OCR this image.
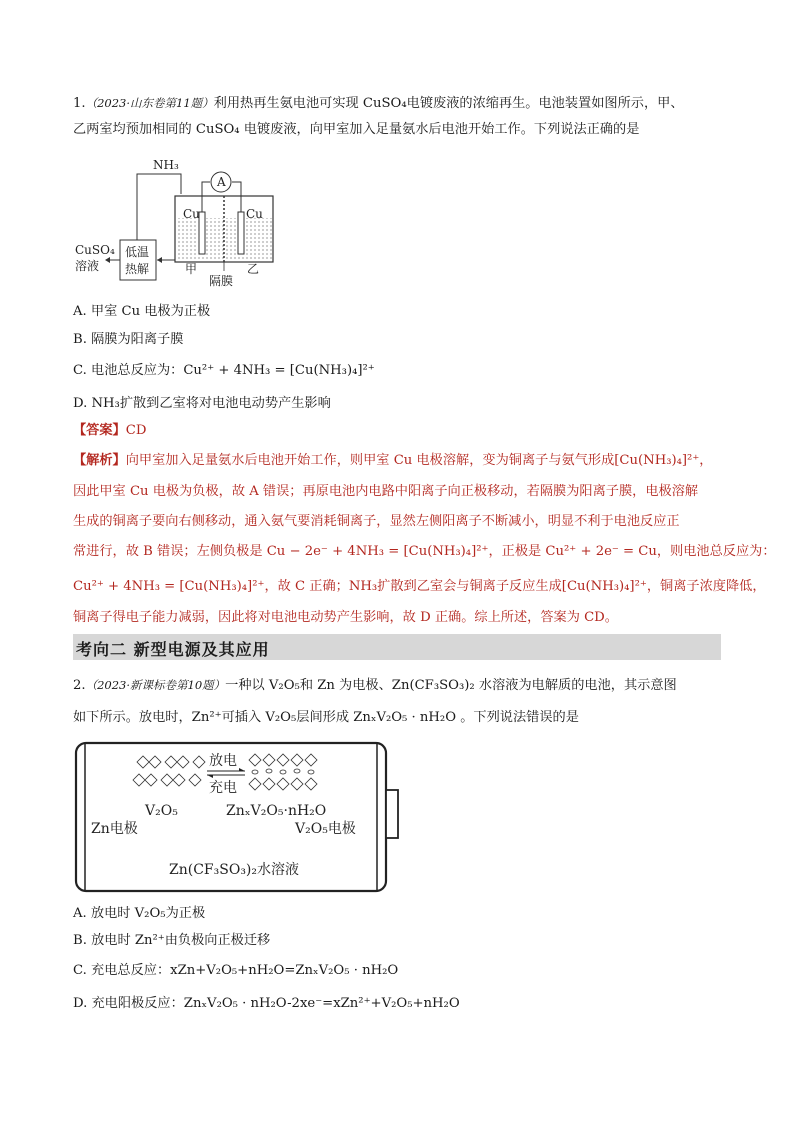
1.（2023·山东卷第11题）利用热再生氨电池可实现 CuSO₄电镀废液的浓缩再生。电池装置如图所示，甲、
乙两室均预加相同的 CuSO₄ 电镀废液，向甲室加入足量氨水后电池开始工作。下列说法正确的是
NH₃
低温
热解
CuSO₄
溶液
Cu	Cu
A
甲	乙
隔膜
A. 甲室 Cu 电极为正极
B. 隔膜为阳离子膜
C. 电池总反应为：Cu²⁺ + 4NH₃ = [Cu(NH₃)₄]²⁺
D. NH₃扩散到乙室将对电池电动势产生影响
【答案】CD
【解析】向甲室加入足量氨水后电池开始工作，则甲室 Cu 电极溶解，变为铜离子与氨气形成[Cu(NH₃)₄]²⁺，
因此甲室 Cu 电极为负极，故 A 错误；再原电池内电路中阳离子向正极移动，若隔膜为阳离子膜，电极溶解
生成的铜离子要向右侧移动，通入氨气要消耗铜离子，显然左侧阳离子不断减小，明显不利于电池反应正
常进行，故 B 错误；左侧负极是 Cu − 2e⁻ + 4NH₃ = [Cu(NH₃)₄]²⁺，正极是 Cu²⁺ + 2e⁻ = Cu，则电池总反应为：
Cu²⁺ + 4NH₃ = [Cu(NH₃)₄]²⁺，故 C 正确；NH₃扩散到乙室会与铜离子反应生成[Cu(NH₃)₄]²⁺，铜离子浓度降低，
铜离子得电子能力减弱，因此将对电池电动势产生影响，故 D 正确。综上所述，答案为 CD。
考向二 新型电源及其应用
2.（2023·新课标卷第10题）一种以 V₂O₅和 Zn 为电极、Zn(CF₃SO₃)₂ 水溶液为电解质的电池，其示意图
如下所示。放电时，Zn²⁺可插入 V₂O₅层间形成 ZnₓV₂O₅ · nH₂O 。下列说法错误的是
放电
充电
V₂O₅	ZnₓV₂O₅·nH₂O
Zn电极	V₂O₅电极
Zn(CF₃SO₃)₂水溶液
A. 放电时 V₂O₅为正极
B. 放电时 Zn²⁺由负极向正极迁移
C. 充电总反应：xZn+V₂O₅+nH₂O=ZnₓV₂O₅ · nH₂O
D. 充电阳极反应：ZnₓV₂O₅ · nH₂O-2xe⁻=xZn²⁺+V₂O₅+nH₂O
